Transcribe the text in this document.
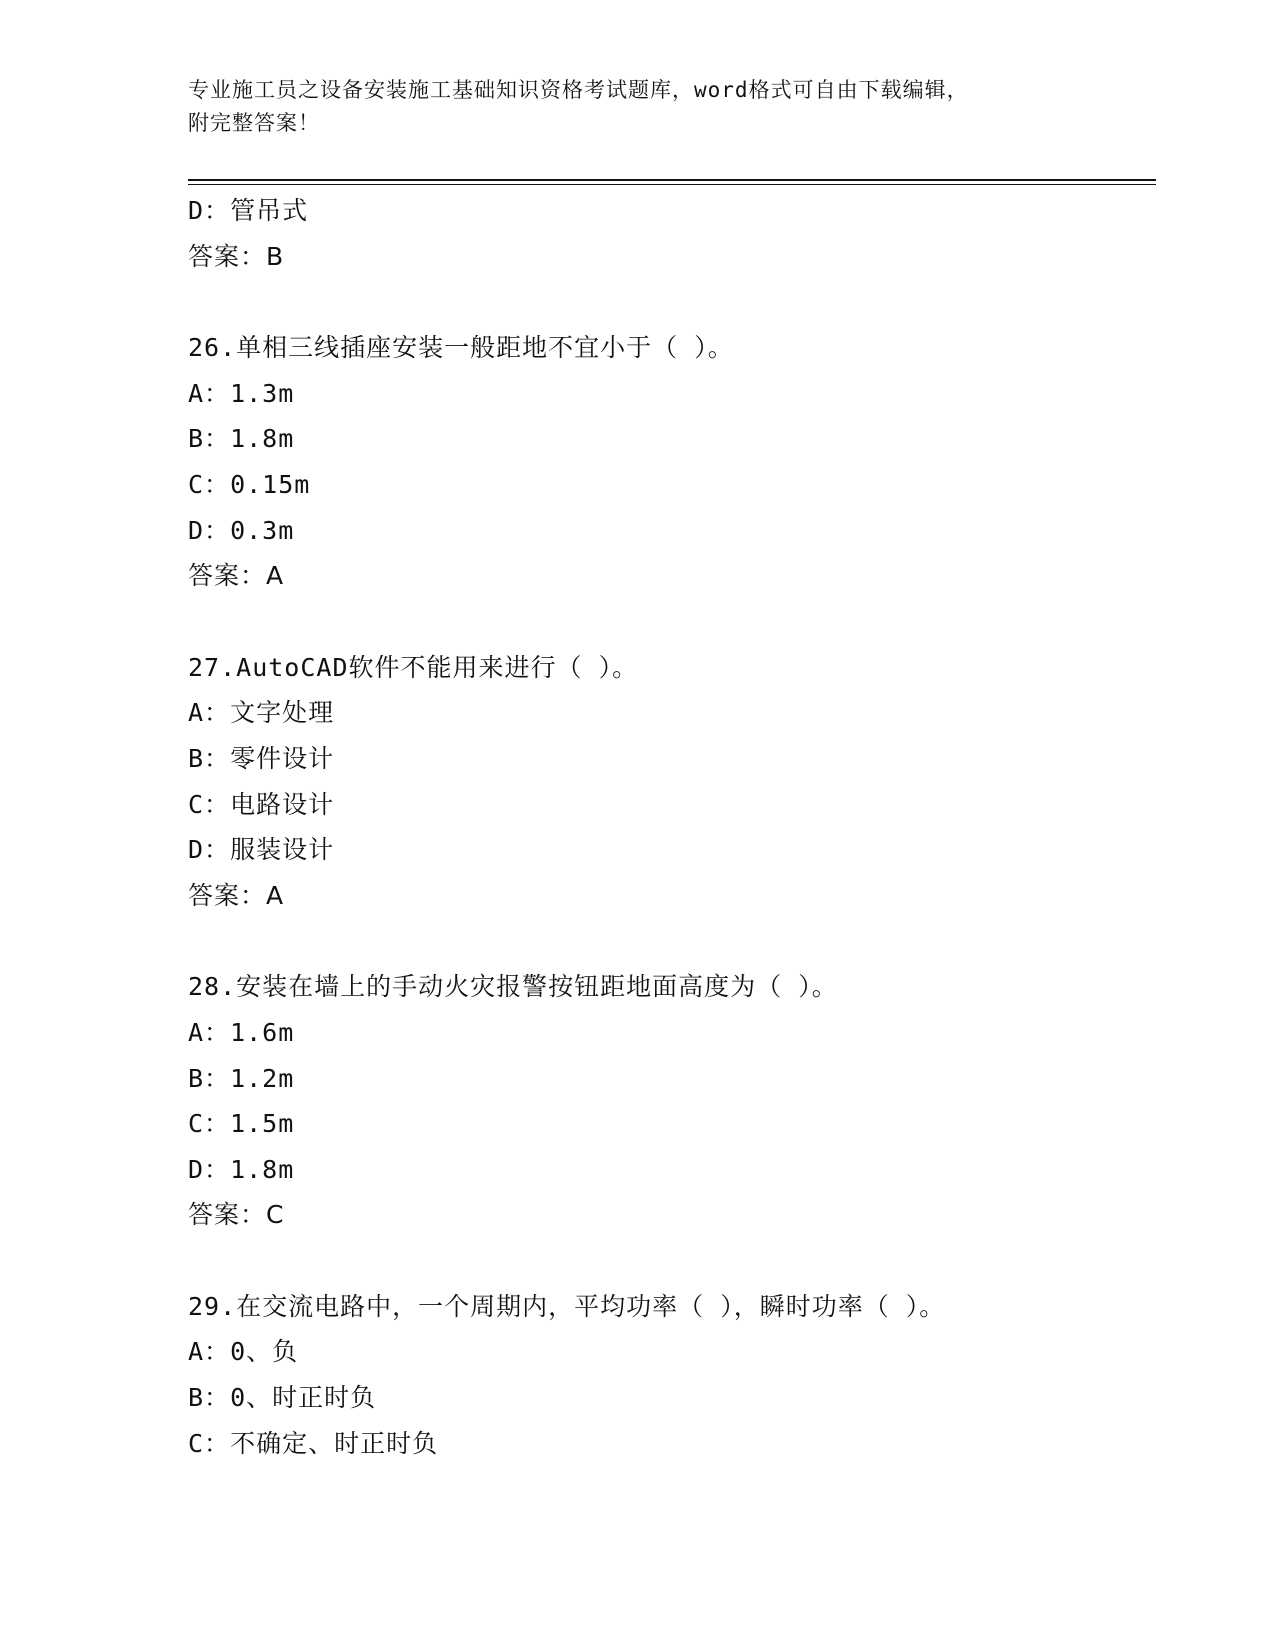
专业施工员之设备安装施工基础知识资格考试题库，word格式可自由下载编辑，
附完整答案！
D：管吊式
答案：B
26.单相三线插座安装一般距地不宜小于（ ）。
A：1.3m
B：1.8m
C：0.15m
D：0.3m
答案：A
27.AutoCAD软件不能用来进行（ ）。
A：文字处理
B：零件设计
C：电路设计
D：服装设计
答案：A
28.安装在墙上的手动火灾报警按钮距地面高度为（ ）。
A：1.6m
B：1.2m
C：1.5m
D：1.8m
答案：C
29.在交流电路中，一个周期内，平均功率（ ），瞬时功率（ ）。
A：0、负
B：0、时正时负
C：不确定、时正时负
